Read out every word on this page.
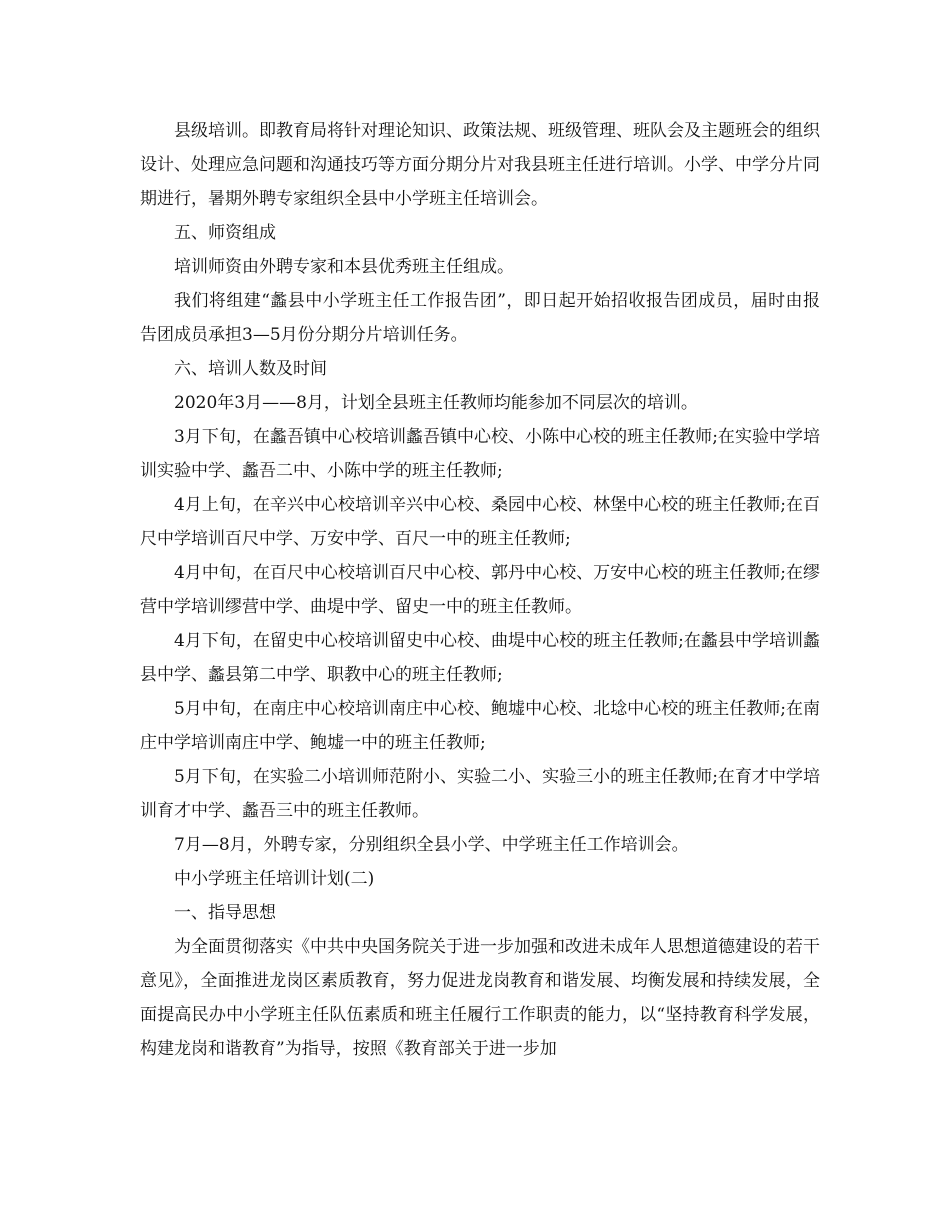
县级培训。即教育局将针对理论知识、政策法规、班级管理、班队会及主题班会的组织设计、处理应急问题和沟通技巧等方面分期分片对我县班主任进行培训。小学、中学分片同期进行，暑期外聘专家组织全县中小学班主任培训会。

五、师资组成

培训师资由外聘专家和本县优秀班主任组成。

我们将组建“蠡县中小学班主任工作报告团”，即日起开始招收报告团成员，届时由报告团成员承担3—5月份分期分片培训任务。

六、培训人数及时间

2020年3月——8月，计划全县班主任教师均能参加不同层次的培训。

3月下旬，在蠡吾镇中心校培训蠡吾镇中心校、小陈中心校的班主任教师;在实验中学培训实验中学、蠡吾二中、小陈中学的班主任教师;

4月上旬，在辛兴中心校培训辛兴中心校、桑园中心校、林堡中心校的班主任教师;在百尺中学培训百尺中学、万安中学、百尺一中的班主任教师;

4月中旬，在百尺中心校培训百尺中心校、郭丹中心校、万安中心校的班主任教师;在缪营中学培训缪营中学、曲堤中学、留史一中的班主任教师。

4月下旬，在留史中心校培训留史中心校、曲堤中心校的班主任教师;在蠡县中学培训蠡县中学、蠡县第二中学、职教中心的班主任教师;

5月中旬，在南庄中心校培训南庄中心校、鲍墟中心校、北埝中心校的班主任教师;在南庄中学培训南庄中学、鲍墟一中的班主任教师;

5月下旬，在实验二小培训师范附小、实验二小、实验三小的班主任教师;在育才中学培训育才中学、蠡吾三中的班主任教师。

7月—8月，外聘专家，分别组织全县小学、中学班主任工作培训会。

中小学班主任培训计划(二)

一、指导思想

为全面贯彻落实《中共中央国务院关于进一步加强和改进未成年人思想道德建设的若干意见》，全面推进龙岗区素质教育，努力促进龙岗教育和谐发展、均衡发展和持续发展，全面提高民办中小学班主任队伍素质和班主任履行工作职责的能力，以“坚持教育科学发展，构建龙岗和谐教育”为指导，按照《教育部关于进一步加
